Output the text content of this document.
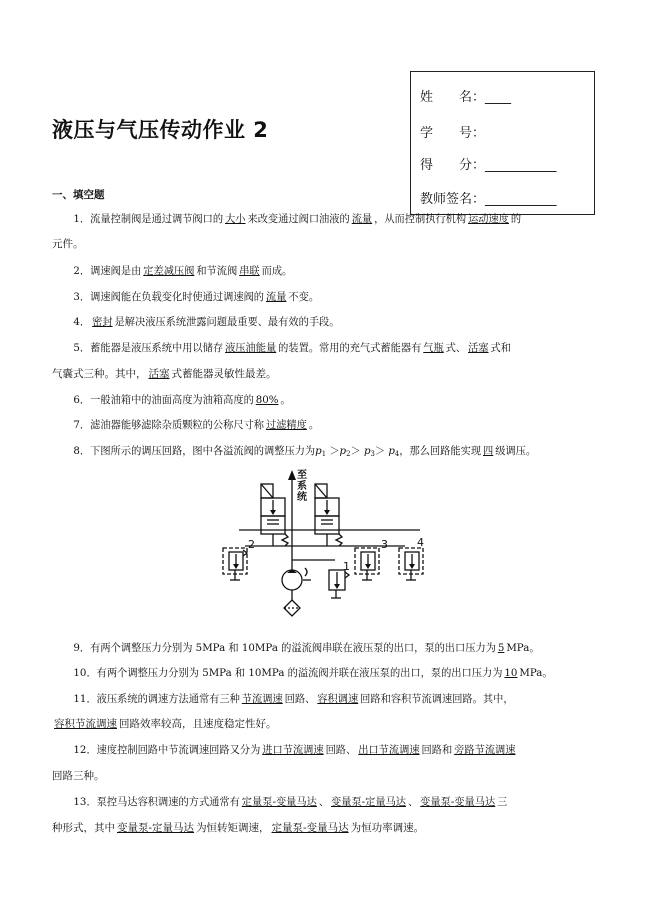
液压与气压传动作业 2
姓　　名：____
学　　号：
得　　分：___________
教师签名：___________
一、填空题
1．流量控制阀是通过调节阀口的 大小 来改变通过阀口油液的 流量 ，从而控制执行机构 运动速度 的
元件。
2．调速阀是由 定差减压阀 和节流阀 串联 而成。
3．调速阀能在负载变化时使通过调速阀的 流量 不变。
4． 密封 是解决液压系统泄露问题最重要、最有效的手段。
5．蓄能器是液压系统中用以储存 液压油能量 的装置。常用的充气式蓄能器有 气瓶 式、 活塞 式和
气囊式三种。其中， 活塞 式蓄能器灵敏性最差。
6．一般油箱中的油面高度为油箱高度的 80% 。
7．滤油器能够滤除杂质颗粒的公称尺寸称 过滤精度 。
8．下图所示的调压回路，图中各溢流阀的调整压力为$p_1 >p_2> p_3> p_4$，那么回路能实现 四 级调压。
至
系
统
2	3	4
1
9．有两个调整压力分别为 5MPa 和 10MPa 的溢流阀串联在液压泵的出口，泵的出口压力为 5 MPa。
10．有两个调整压力分别为 5MPa 和 10MPa 的溢流阀并联在液压泵的出口，泵的出口压力为 10 MPa。
11．液压系统的调速方法通常有三种 节流调速 回路、 容积调速 回路和容积节流调速回路。其中，
容积节流调速 回路效率较高，且速度稳定性好。
12．速度控制回路中节流调速回路又分为 进口节流调速 回路、 出口节流调速 回路和 旁路节流调速
回路三种。
13．泵控马达容积调速的方式通常有 定量泵-变量马达 、 变量泵-定量马达 、 变量泵-变量马达 三
种形式，其中 变量泵-定量马达 为恒转矩调速， 定量泵-变量马达 为恒功率调速。
